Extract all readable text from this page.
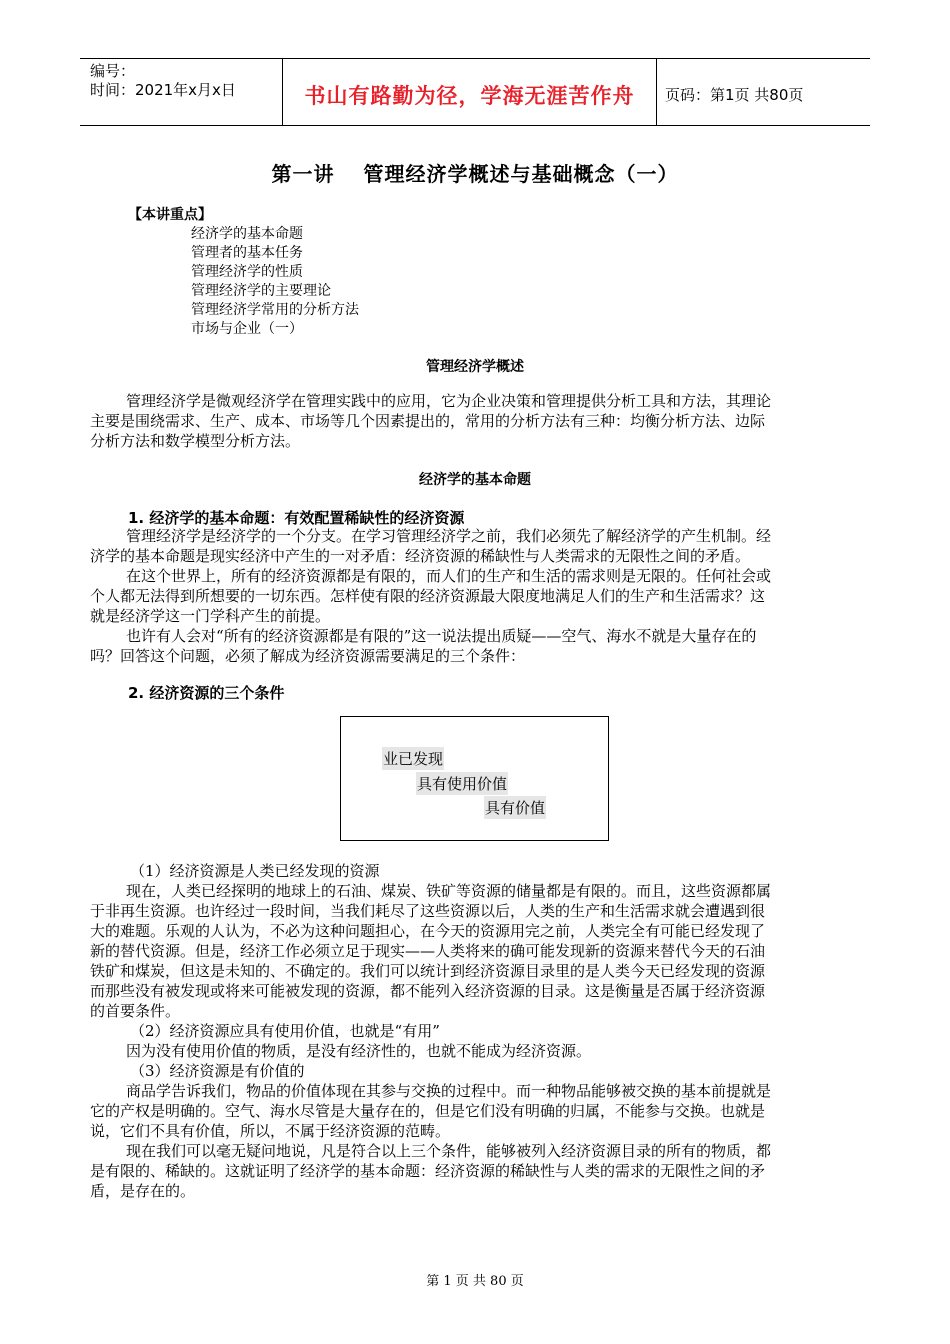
编号：
时间：2021年x月x日	书山有路勤为径，学海无涯苦作舟	页码：第1页 共80页
第一讲　 管理经济学概述与基础概念（一）
【本讲重点】
经济学的基本命题
管理者的基本任务
管理经济学的性质
管理经济学的主要理论
管理经济学常用的分析方法
市场与企业（一）
管理经济学概述
管理经济学是微观经济学在管理实践中的应用，它为企业决策和管理提供分析工具和方法，其理论
主要是围绕需求、生产、成本、市场等几个因素提出的，常用的分析方法有三种：均衡分析方法、边际
分析方法和数学模型分析方法。
经济学的基本命题
1. 经济学的基本命题：有效配置稀缺性的经济资源
管理经济学是经济学的一个分支。在学习管理经济学之前，我们必须先了解经济学的产生机制。经
济学的基本命题是现实经济中产生的一对矛盾：经济资源的稀缺性与人类需求的无限性之间的矛盾。
在这个世界上，所有的经济资源都是有限的，而人们的生产和生活的需求则是无限的。任何社会或
个人都无法得到所想要的一切东西。怎样使有限的经济资源最大限度地满足人们的生产和生活需求？这
就是经济学这一门学科产生的前提。
也许有人会对“所有的经济资源都是有限的”这一说法提出质疑——空气、海水不就是大量存在的
吗？回答这个问题，必须了解成为经济资源需要满足的三个条件：
2. 经济资源的三个条件
业已发现
具有使用价值
具有价值
（1）经济资源是人类已经发现的资源
现在，人类已经探明的地球上的石油、煤炭、铁矿等资源的储量都是有限的。而且，这些资源都属
于非再生资源。也许经过一段时间，当我们耗尽了这些资源以后，人类的生产和生活需求就会遭遇到很
大的难题。乐观的人认为，不必为这种问题担心，在今天的资源用完之前，人类完全有可能已经发现了
新的替代资源。但是，经济工作必须立足于现实——人类将来的确可能发现新的资源来替代今天的石油
铁矿和煤炭，但这是未知的、不确定的。我们可以统计到经济资源目录里的是人类今天已经发现的资源
而那些没有被发现或将来可能被发现的资源，都不能列入经济资源的目录。这是衡量是否属于经济资源
的首要条件。
（2）经济资源应具有使用价值，也就是“有用”
因为没有使用价值的物质，是没有经济性的，也就不能成为经济资源。
（3）经济资源是有价值的
商品学告诉我们，物品的价值体现在其参与交换的过程中。而一种物品能够被交换的基本前提就是
它的产权是明确的。空气、海水尽管是大量存在的，但是它们没有明确的归属，不能参与交换。也就是
说，它们不具有价值，所以，不属于经济资源的范畴。
现在我们可以毫无疑问地说，凡是符合以上三个条件，能够被列入经济资源目录的所有的物质，都
是有限的、稀缺的。这就证明了经济学的基本命题：经济资源的稀缺性与人类的需求的无限性之间的矛
盾，是存在的。
第 1 页 共 80 页
